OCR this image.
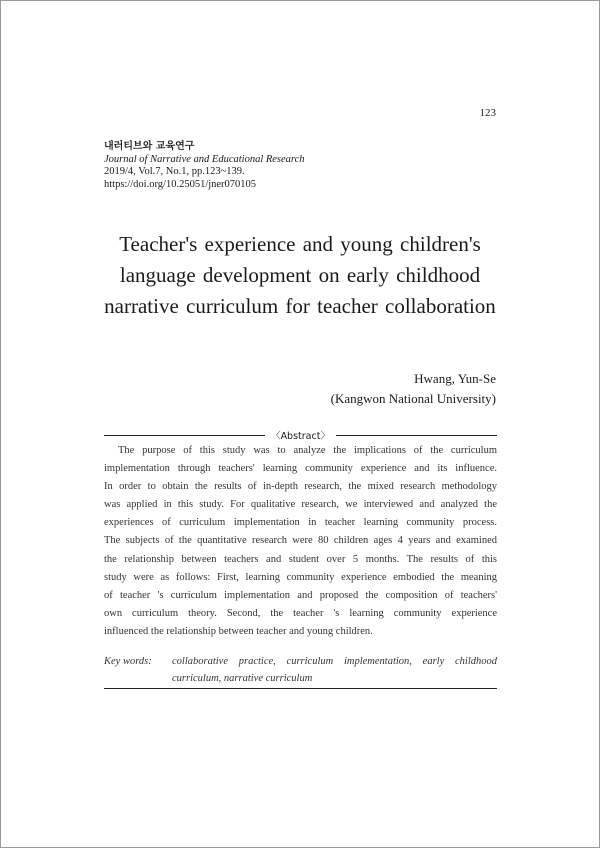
123
내러티브와 교육연구
Journal of Narrative and Educational Research
2019/4, Vol.7, No.1, pp.123~139.
https://doi.org/10.25051/jner070105
Teacher's experience and young children's
language development on early childhood
narrative curriculum for teacher collaboration
Hwang, Yun-Se
(Kangwon National University)
〈Abstract〉
The purpose of this study was to analyze the implications of the curriculum
implementation through teachers' learning community experience and its influence.
In order to obtain the results of in-depth research, the mixed research methodology
was applied in this study. For qualitative research, we interviewed and analyzed the
experiences of curriculum implementation in teacher learning community process.
The subjects of the quantitative research were 80 children ages 4 years and examined
the relationship between teachers and student over 5 months. The results of this
study were as follows: First, learning community experience embodied the meaning
of teacher 's curriculum implementation and proposed the composition of teachers'
own curriculum theory. Second, the teacher 's learning community experience
influenced the relationship between teacher and young children.
Key words:	collaborative practice, curriculum implementation, early childhood
curriculum, narrative curriculum
